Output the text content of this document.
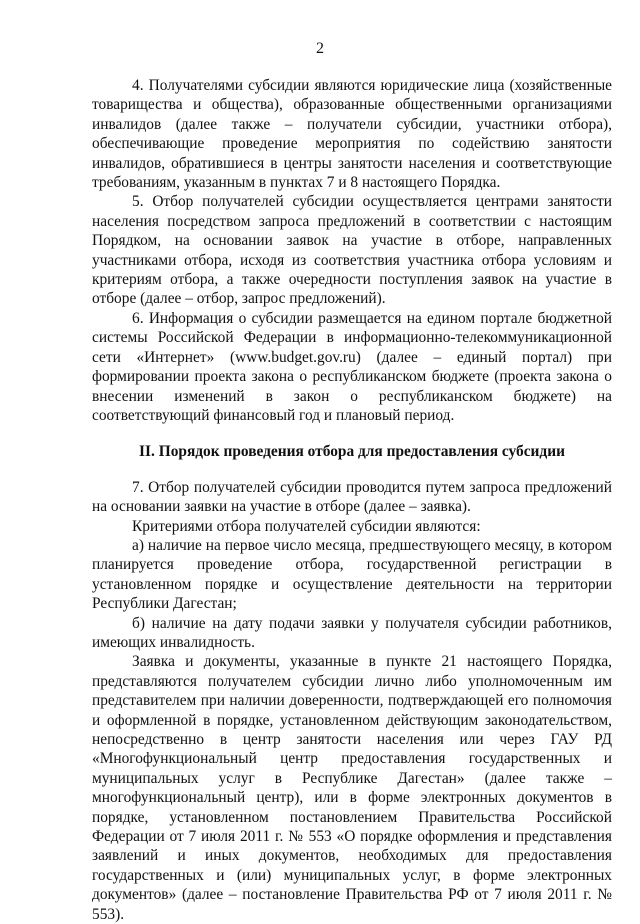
2

4. Получателями субсидии являются юридические лица (хозяйственные товарищества и общества), образованные общественными организациями инвалидов (далее также – получатели субсидии, участники отбора), обеспечивающие проведение мероприятия по содействию занятости инвалидов, обратившиеся в центры занятости населения и соответствующие требованиям, указанным в пунктах 7 и 8 настоящего Порядка.

5. Отбор получателей субсидии осуществляется центрами занятости населения посредством запроса предложений в соответствии с настоящим Порядком, на основании заявок на участие в отборе, направленных участниками отбора, исходя из соответствия участника отбора условиям и критериям отбора, а также очередности поступления заявок на участие в отборе (далее – отбор, запрос предложений).

6. Информация о субсидии размещается на едином портале бюджетной системы Российской Федерации в информационно-телекоммуникационной сети «Интернет» (www.budget.gov.ru) (далее – единый портал) при формировании проекта закона о республиканском бюджете (проекта закона о внесении изменений в закон о республиканском бюджете) на соответствующий финансовый год и плановый период.

II. Порядок проведения отбора для предоставления субсидии

7. Отбор получателей субсидии проводится путем запроса предложений на основании заявки на участие в отборе (далее – заявка).

Критериями отбора получателей субсидии являются:

а) наличие на первое число месяца, предшествующего месяцу, в котором планируется проведение отбора, государственной регистрации в установленном порядке и осуществление деятельности на территории Республики Дагестан;

б) наличие на дату подачи заявки у получателя субсидии работников, имеющих инвалидность.

Заявка и документы, указанные в пункте 21 настоящего Порядка, представляются получателем субсидии лично либо уполномоченным им представителем при наличии доверенности, подтверждающей его полномочия и оформленной в порядке, установленном действующим законодательством, непосредственно в центр занятости населения или через ГАУ РД «Многофункциональный центр предоставления государственных и муниципальных услуг в Республике Дагестан» (далее также – многофункциональный центр), или в форме электронных документов в порядке, установленном постановлением Правительства Российской Федерации от 7 июля 2011 г. № 553 «О порядке оформления и представления заявлений и иных документов, необходимых для предоставления государственных и (или) муниципальных услуг, в форме электронных документов» (далее – постановление Правительства РФ от 7 июля 2011 г. № 553).
